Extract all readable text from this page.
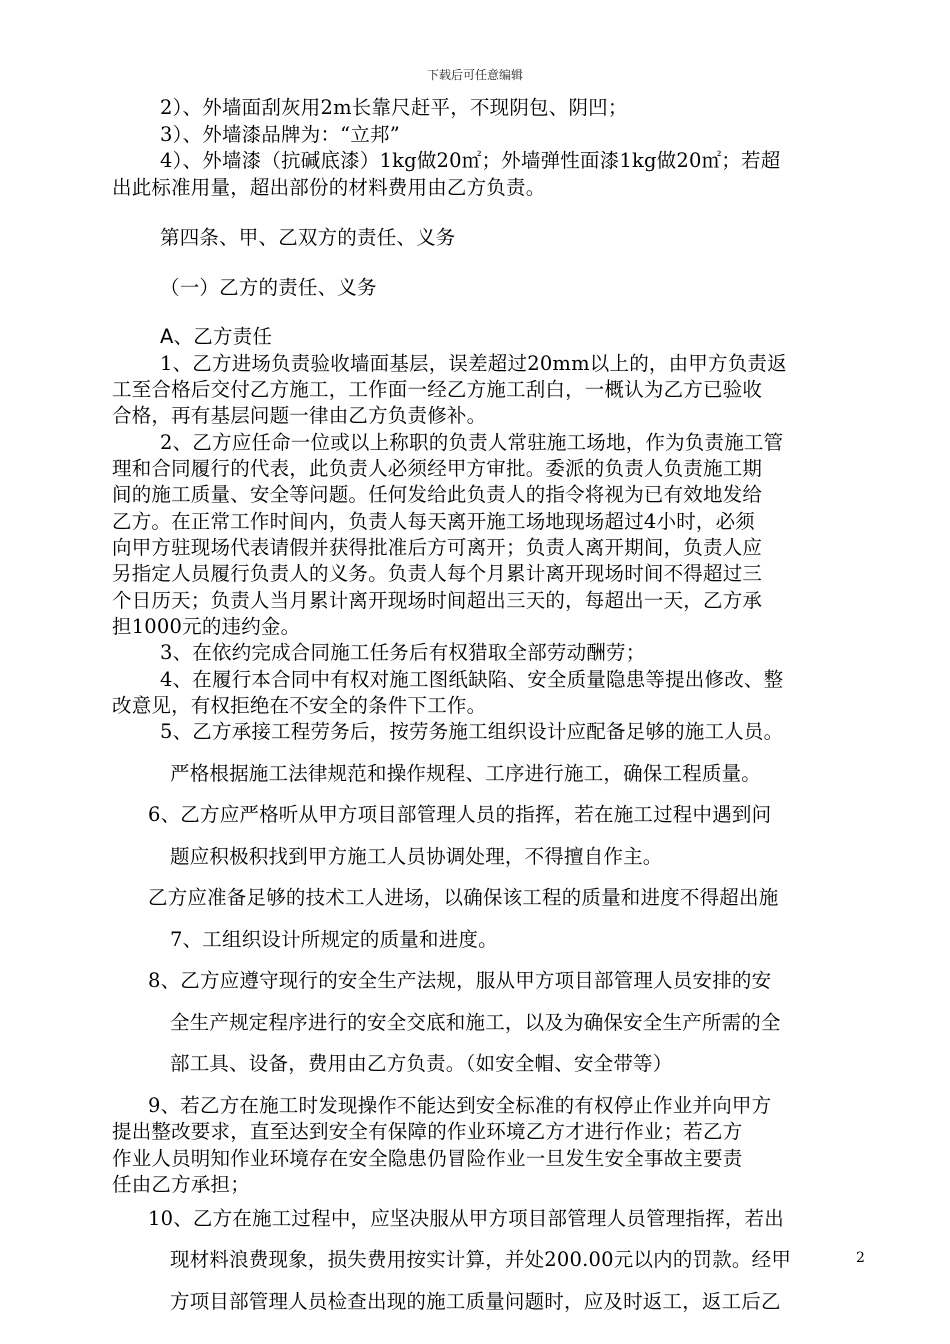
下载后可任意编辑
2）、外墙面刮灰用2m长靠尺赶平，不现阴包、阴凹；
3）、外墙漆品牌为：“立邦”
4）、外墙漆（抗碱底漆）1kg做20㎡；外墙弹性面漆1kg做20㎡；若超
出此标准用量，超出部份的材料费用由乙方负责。
第四条、甲、乙双方的责任、义务
（一）乙方的责任、义务
A、乙方责任
1、乙方进场负责验收墙面基层，误差超过20mm以上的，由甲方负责返
工至合格后交付乙方施工，工作面一经乙方施工刮白，一概认为乙方已验收
合格，再有基层问题一律由乙方负责修补。
2、乙方应任命一位或以上称职的负责人常驻施工场地，作为负责施工管
理和合同履行的代表，此负责人必须经甲方审批。委派的负责人负责施工期
间的施工质量、安全等问题。任何发给此负责人的指令将视为已有效地发给
乙方。在正常工作时间内，负责人每天离开施工场地现场超过4小时，必须
向甲方驻现场代表请假并获得批准后方可离开；负责人离开期间，负责人应
另指定人员履行负责人的义务。负责人每个月累计离开现场时间不得超过三
个日历天；负责人当月累计离开现场时间超出三天的，每超出一天，乙方承
担1000元的违约金。
3、在依约完成合同施工任务后有权猎取全部劳动酬劳；
4、在履行本合同中有权对施工图纸缺陷、安全质量隐患等提出修改、整
改意见，有权拒绝在不安全的条件下工作。
5、乙方承接工程劳务后，按劳务施工组织设计应配备足够的施工人员。
严格根据施工法律规范和操作规程、工序进行施工，确保工程质量。
6、乙方应严格听从甲方项目部管理人员的指挥，若在施工过程中遇到问
题应积极积找到甲方施工人员协调处理，不得擅自作主。
乙方应准备足够的技术工人进场，以确保该工程的质量和进度不得超出施
7、工组织设计所规定的质量和进度。
8、乙方应遵守现行的安全生产法规，服从甲方项目部管理人员安排的安
全生产规定程序进行的安全交底和施工，以及为确保安全生产所需的全
部工具、设备，费用由乙方负责。（如安全帽、安全带等）
9、若乙方在施工时发现操作不能达到安全标准的有权停止作业并向甲方
提出整改要求，直至达到安全有保障的作业环境乙方才进行作业；若乙方
作业人员明知作业环境存在安全隐患仍冒险作业一旦发生安全事故主要责
任由乙方承担；
10、乙方在施工过程中，应坚决服从甲方项目部管理人员管理指挥，若出
现材料浪费现象，损失费用按实计算，并处200.00元以内的罚款。经甲
方项目部管理人员检查出现的施工质量问题时，应及时返工，返工后乙
2
